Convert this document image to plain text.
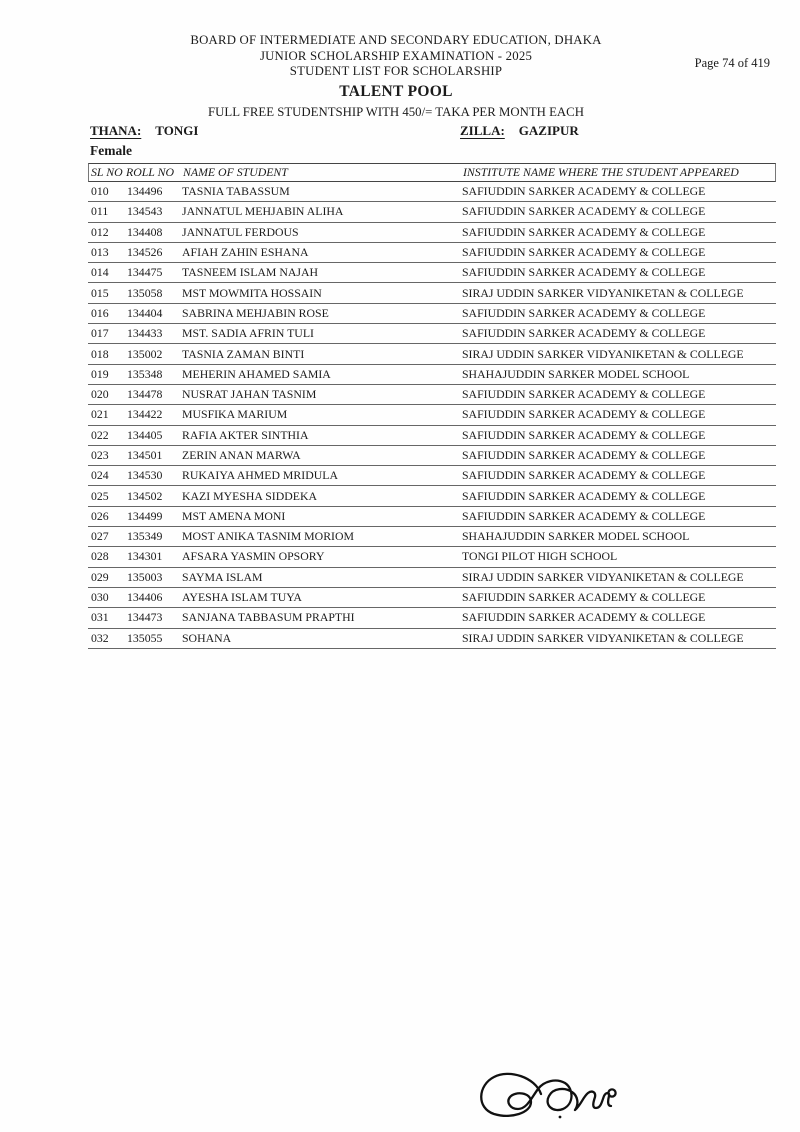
Page 74 of 419
BOARD OF INTERMEDIATE AND SECONDARY EDUCATION, DHAKA
JUNIOR SCHOLARSHIP EXAMINATION - 2025
STUDENT LIST FOR SCHOLARSHIP
TALENT POOL
FULL FREE STUDENTSHIP WITH 450/= TAKA PER MONTH EACH
THANA: TONGI	ZILLA: GAZIPUR
Female
SL NO ROLL NO NAME OF STUDENT	INSTITUTE NAME WHERE THE STUDENT APPEARED
010	134496	TASNIA TABASSUM	SAFIUDDIN SARKER ACADEMY & COLLEGE
011	134543	JANNATUL MEHJABIN ALIHA	SAFIUDDIN SARKER ACADEMY & COLLEGE
012	134408	JANNATUL FERDOUS	SAFIUDDIN SARKER ACADEMY & COLLEGE
013	134526	AFIAH ZAHIN ESHANA	SAFIUDDIN SARKER ACADEMY & COLLEGE
014	134475	TASNEEM ISLAM NAJAH	SAFIUDDIN SARKER ACADEMY & COLLEGE
015	135058	MST MOWMITA HOSSAIN	SIRAJ UDDIN SARKER VIDYANIKETAN & COLLEGE
016	134404	SABRINA MEHJABIN ROSE	SAFIUDDIN SARKER ACADEMY & COLLEGE
017	134433	MST. SADIA AFRIN TULI	SAFIUDDIN SARKER ACADEMY & COLLEGE
018	135002	TASNIA ZAMAN BINTI	SIRAJ UDDIN SARKER VIDYANIKETAN & COLLEGE
019	135348	MEHERIN AHAMED SAMIA	SHAHAJUDDIN SARKER MODEL SCHOOL
020	134478	NUSRAT JAHAN TASNIM	SAFIUDDIN SARKER ACADEMY & COLLEGE
021	134422	MUSFIKA MARIUM	SAFIUDDIN SARKER ACADEMY & COLLEGE
022	134405	RAFIA AKTER SINTHIA	SAFIUDDIN SARKER ACADEMY & COLLEGE
023	134501	ZERIN ANAN MARWA	SAFIUDDIN SARKER ACADEMY & COLLEGE
024	134530	RUKAIYA AHMED MRIDULA	SAFIUDDIN SARKER ACADEMY & COLLEGE
025	134502	KAZI MYESHA SIDDEKA	SAFIUDDIN SARKER ACADEMY & COLLEGE
026	134499	MST AMENA MONI	SAFIUDDIN SARKER ACADEMY & COLLEGE
027	135349	MOST ANIKA TASNIM MORIOM	SHAHAJUDDIN SARKER MODEL SCHOOL
028	134301	AFSARA YASMIN OPSORY	TONGI PILOT HIGH SCHOOL
029	135003	SAYMA ISLAM	SIRAJ UDDIN SARKER VIDYANIKETAN & COLLEGE
030	134406	AYESHA ISLAM TUYA	SAFIUDDIN SARKER ACADEMY & COLLEGE
031	134473	SANJANA TABBASUM PRAPTHI	SAFIUDDIN SARKER ACADEMY & COLLEGE
032	135055	SOHANA	SIRAJ UDDIN SARKER VIDYANIKETAN & COLLEGE
